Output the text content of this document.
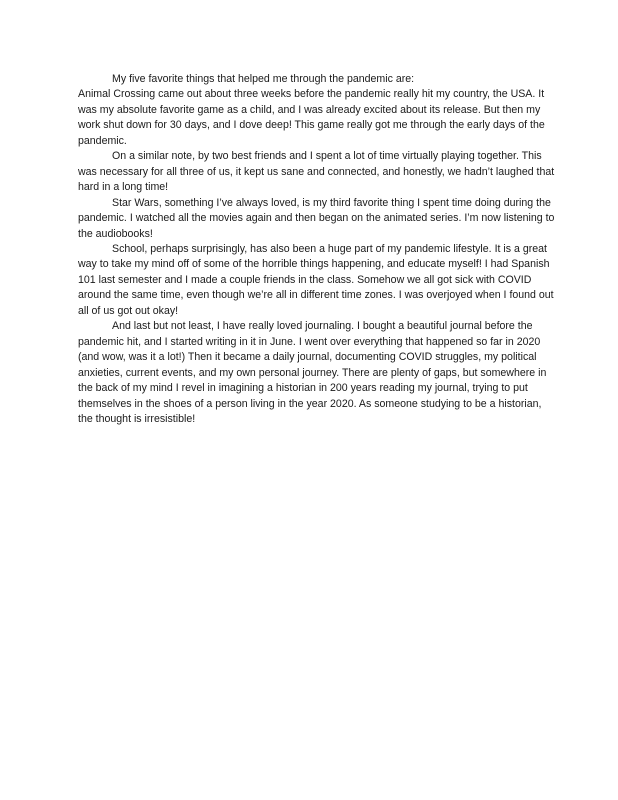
My five favorite things that helped me through the pandemic are:

Animal Crossing came out about three weeks before the pandemic really hit my country, the USA. It was my absolute favorite game as a child, and I was already excited about its release. But then my work shut down for 30 days, and I dove deep! This game really got me through the early days of the pandemic.

On a similar note, by two best friends and I spent a lot of time virtually playing together. This was necessary for all three of us, it kept us sane and connected, and honestly, we hadn’t laughed that hard in a long time!

Star Wars, something I’ve always loved, is my third favorite thing I spent time doing during the pandemic. I watched all the movies again and then began on the animated series. I’m now listening to the audiobooks!

School, perhaps surprisingly, has also been a huge part of my pandemic lifestyle. It is a great way to take my mind off of some of the horrible things happening, and educate myself! I had Spanish 101 last semester and I made a couple friends in the class. Somehow we all got sick with COVID around the same time, even though we’re all in different time zones. I was overjoyed when I found out all of us got out okay!

And last but not least, I have really loved journaling. I bought a beautiful journal before the pandemic hit, and I started writing in it in June. I went over everything that happened so far in 2020 (and wow, was it a lot!) Then it became a daily journal, documenting COVID struggles, my political anxieties, current events, and my own personal journey. There are plenty of gaps, but somewhere in the back of my mind I revel in imagining a historian in 200 years reading my journal, trying to put themselves in the shoes of a person living in the year 2020. As someone studying to be a historian, the thought is irresistible!
